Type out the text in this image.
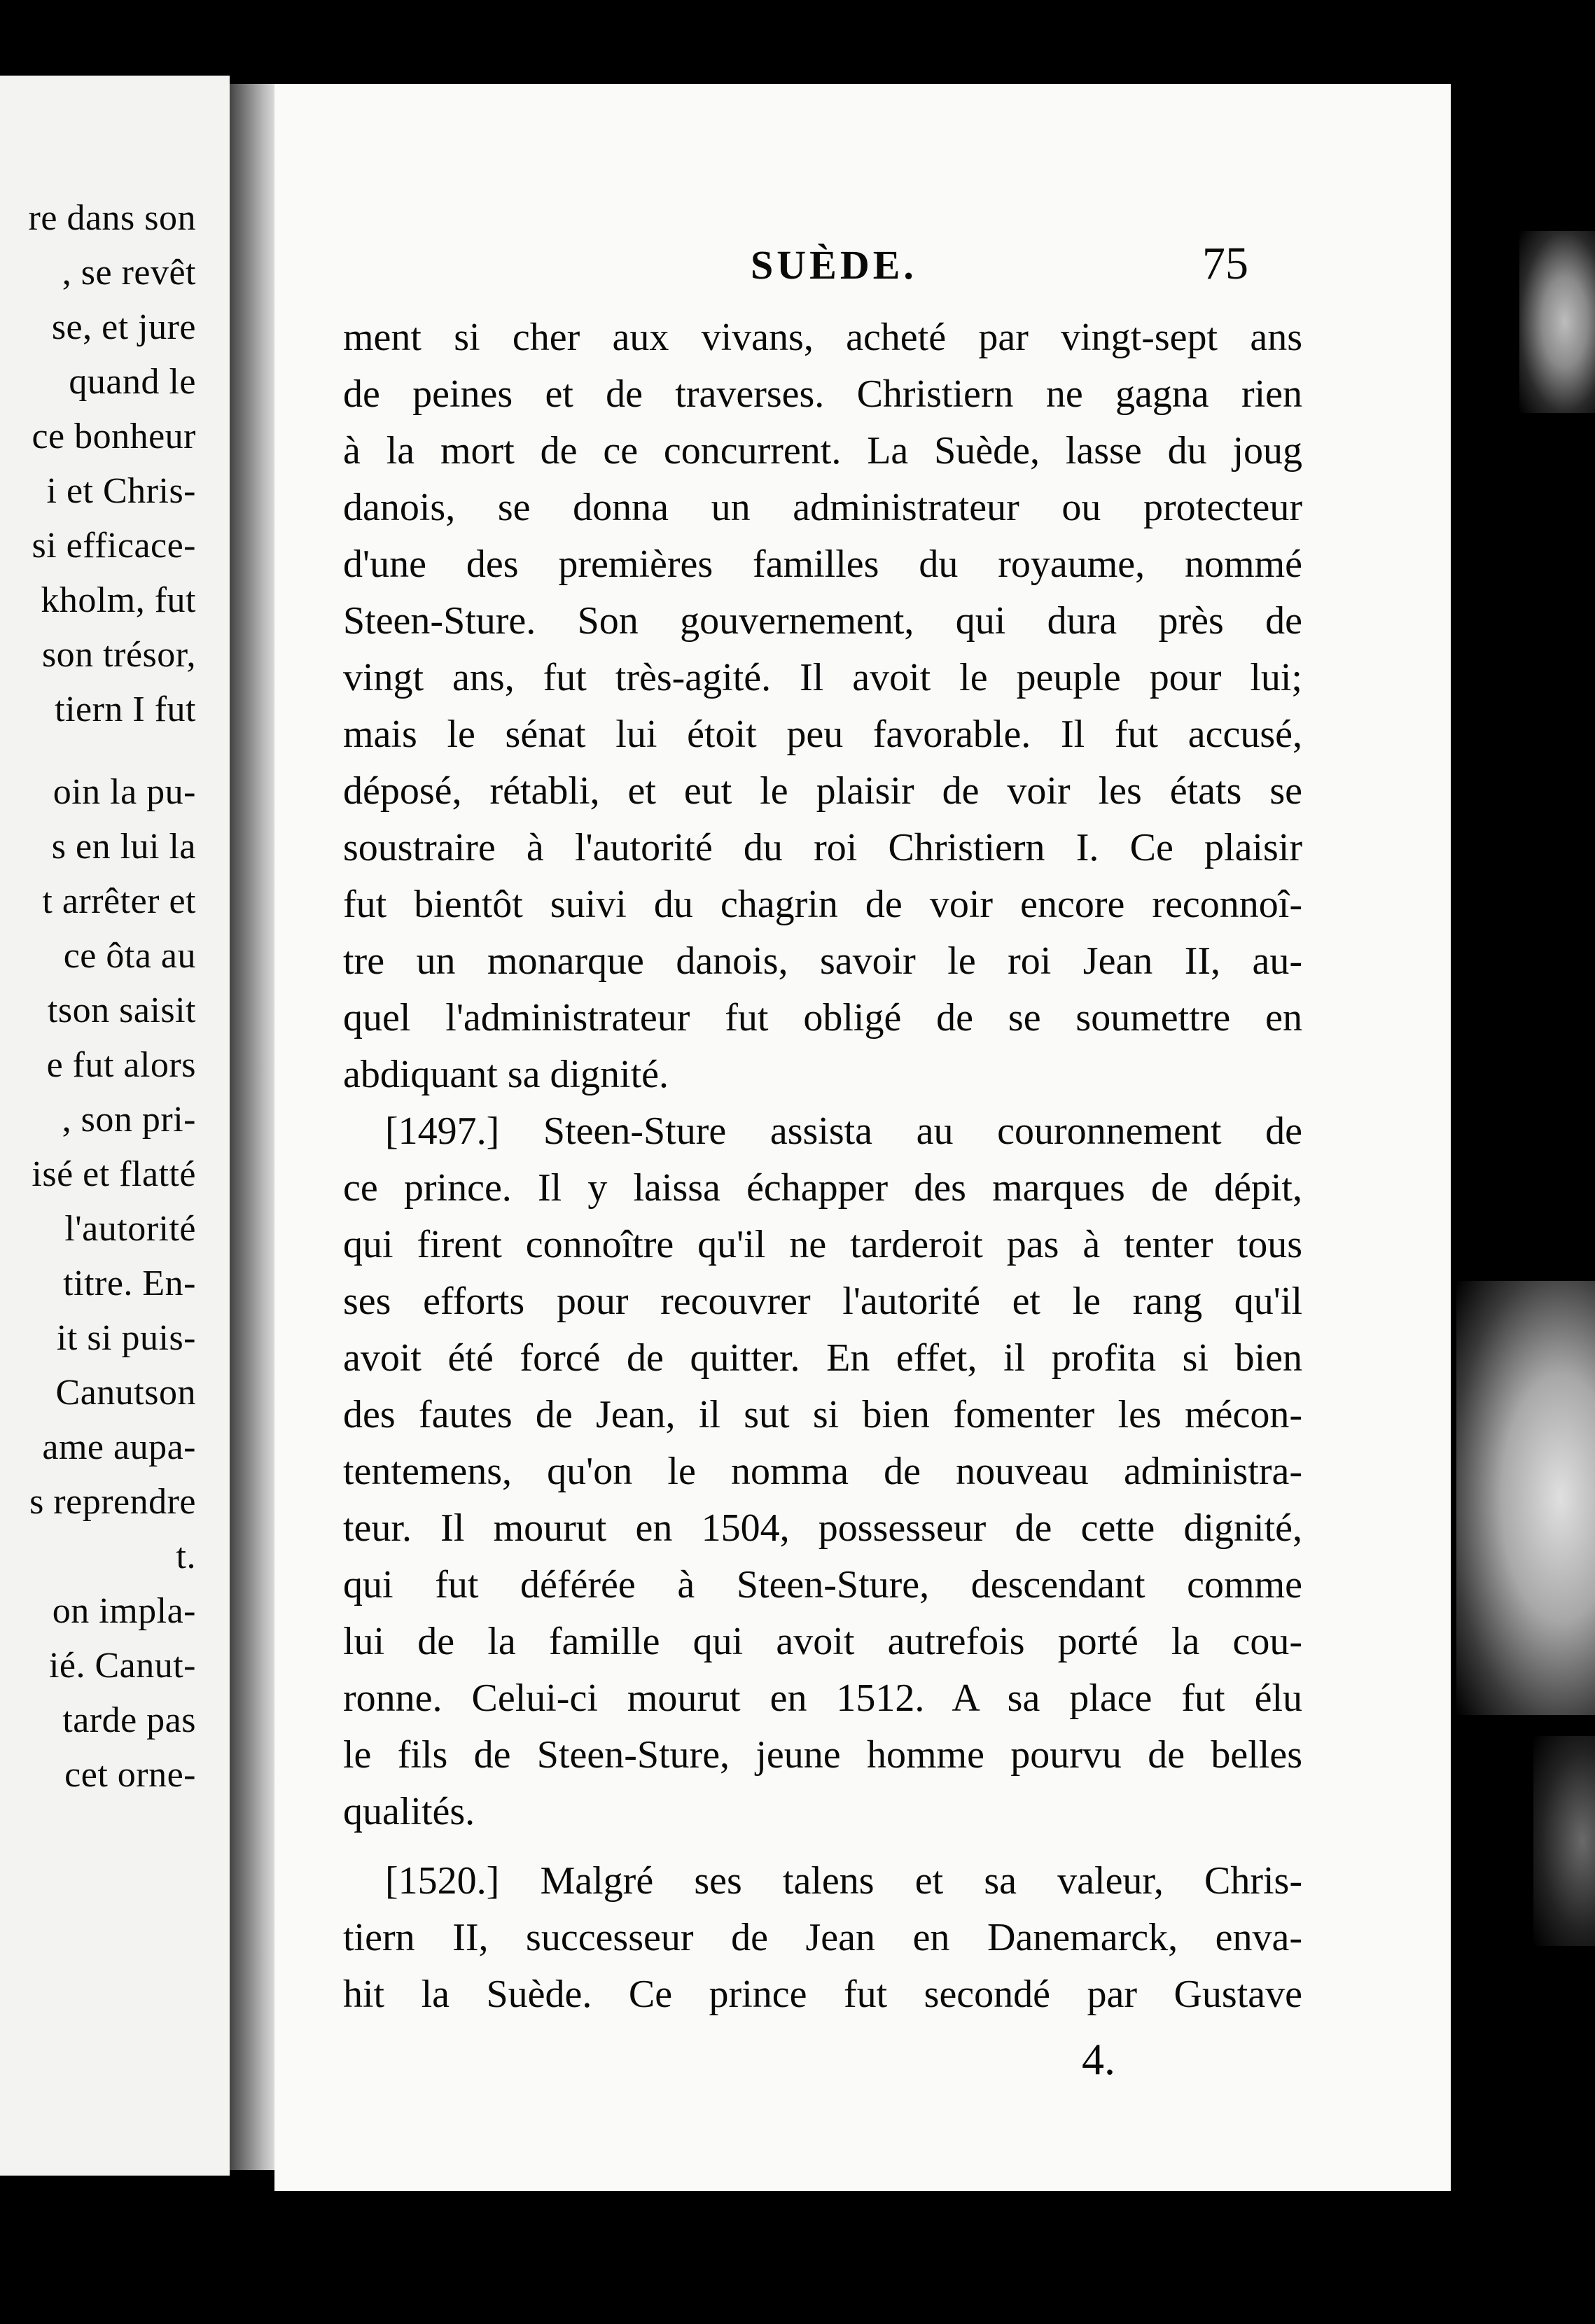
re dans son
, se revêt
se, et jure
quand le
ce bonheur
i et Chris-
si efficace-
kholm, fut
son trésor,
tiern I fut
oin la pu-
s en lui la
t arrêter et
ce ôta au
tson saisit
e fut alors
, son pri-
isé et flatté
l'autorité
titre. En-
it si puis-
Canutson
ame aupa-
s reprendre
t.
on impla-
ié. Canut-
tarde pas
cet orne-
SUÈDE.	75
ment si cher aux vivans, acheté par vingt-sept ans
de peines et de traverses. Christiern ne gagna rien
à la mort de ce concurrent. La Suède, lasse du joug
danois, se donna un administrateur ou protecteur
d'une des premières familles du royaume, nommé
Steen-Sture. Son gouvernement, qui dura près de
vingt ans, fut très-agité. Il avoit le peuple pour lui;
mais le sénat lui étoit peu favorable. Il fut accusé,
déposé, rétabli, et eut le plaisir de voir les états se
soustraire à l'autorité du roi Christiern I. Ce plaisir
fut bientôt suivi du chagrin de voir encore reconnoî-
tre un monarque danois, savoir le roi Jean II, au-
quel l'administrateur fut obligé de se soumettre en
abdiquant sa dignité.
[1497.] Steen-Sture assista au couronnement de
ce prince. Il y laissa échapper des marques de dépit,
qui firent connoître qu'il ne tarderoit pas à tenter tous
ses efforts pour recouvrer l'autorité et le rang qu'il
avoit été forcé de quitter. En effet, il profita si bien
des fautes de Jean, il sut si bien fomenter les mécon-
tentemens, qu'on le nomma de nouveau administra-
teur. Il mourut en 1504, possesseur de cette dignité,
qui fut déférée à Steen-Sture, descendant comme
lui de la famille qui avoit autrefois porté la cou-
ronne. Celui-ci mourut en 1512. A sa place fut élu
le fils de Steen-Sture, jeune homme pourvu de belles
qualités.
[1520.] Malgré ses talens et sa valeur, Chris-
tiern II, successeur de Jean en Danemarck, enva-
hit la Suède. Ce prince fut secondé par Gustave
4.
